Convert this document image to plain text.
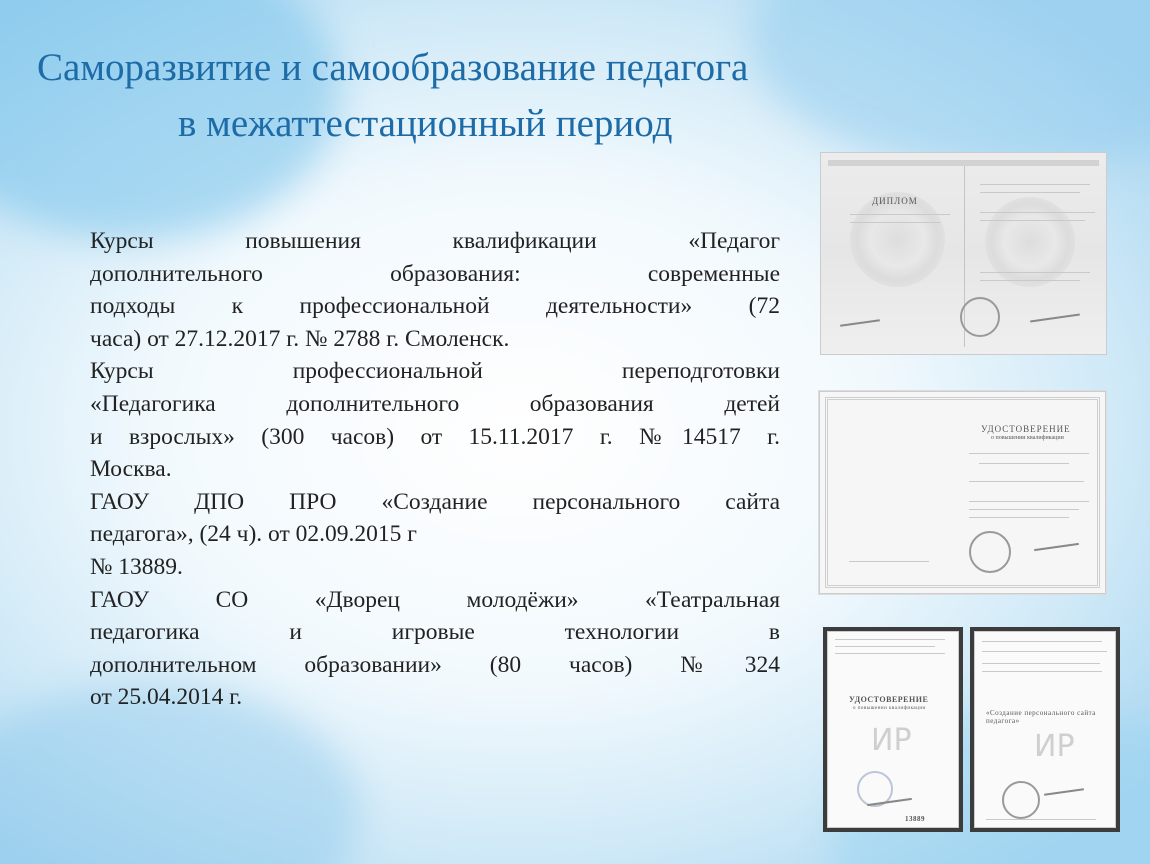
Саморазвитие и самообразование педагога
в межаттестационный период

Курсы повышения квалификации «Педагог
дополнительного образования: современные
подходы к профессиональной деятельности» (72
часа) от 27.12.2017 г. № 2788 г. Смоленск.

Курсы профессиональной переподготовки
«Педагогика дополнительного образования детей
и взрослых» (300 часов) от 15.11.2017 г. №14517 г.
Москва.

ГАОУ ДПО ПРО «Создание персонального сайта
педагога», (24 ч). от 02.09.2015 г
№ 13889.

ГАОУ СО «Дворец молодёжи» «Театральная
педагогика и игровые технологии в
дополнительном образовании» (80 часов) №324
от 25.04.2014 г.

ДИПЛОМ
УДОСТОВЕРЕНИЕ
о повышении квалификации
УДОСТОВЕРЕНИЕ
о повышении квалификации
ИР
13889
«Создание персонального сайта педагога»
ИР
